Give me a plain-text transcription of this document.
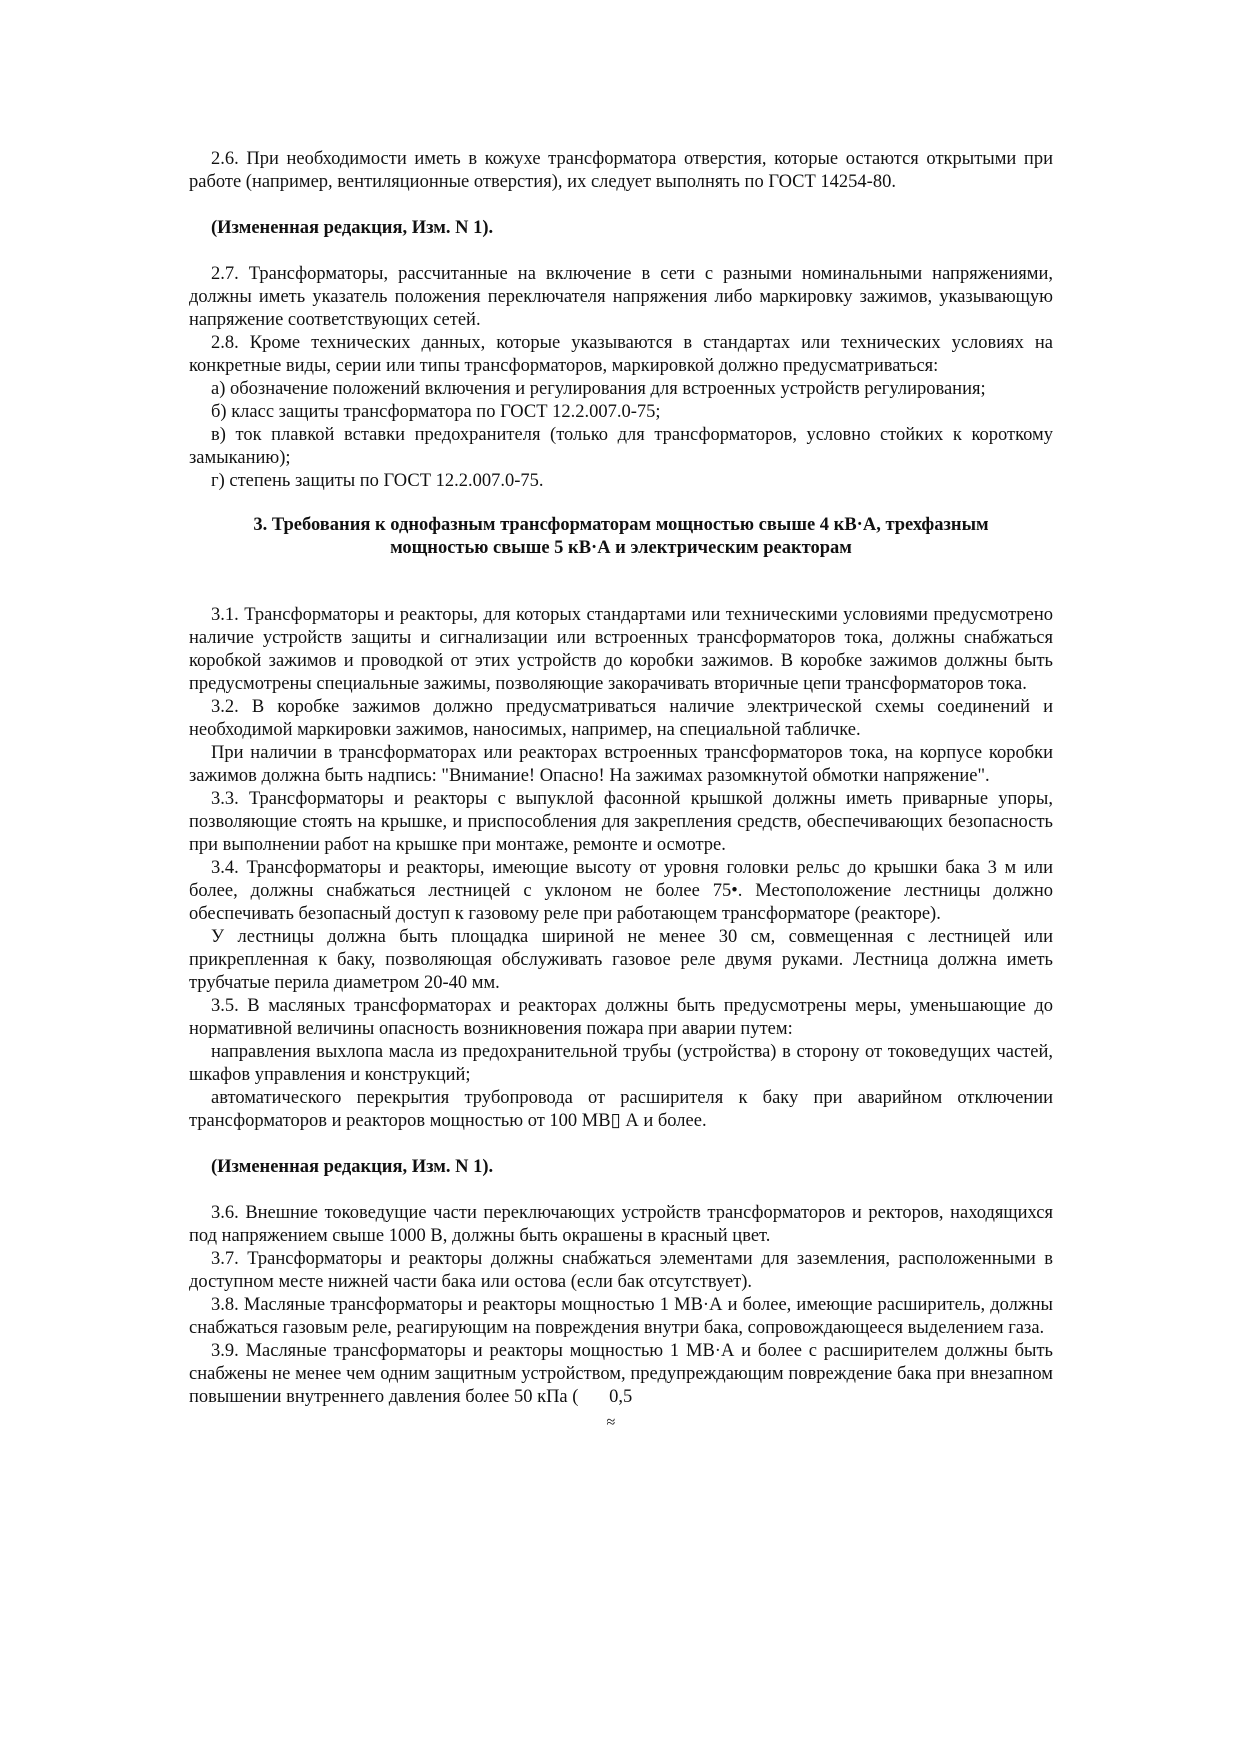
2.6. При необходимости иметь в кожухе трансформатора отверстия, которые остаются открытыми при работе (например, вентиляционные отверстия), их следует выполнять по ГОСТ 14254-80.

(Измененная редакция, Изм. N 1).

2.7. Трансформаторы, рассчитанные на включение в сети с разными номинальными напряжениями, должны иметь указатель положения переключателя напряжения либо маркировку зажимов, указывающую напряжение соответствующих сетей.

2.8. Кроме технических данных, которые указываются в стандартах или технических условиях на конкретные виды, серии или типы трансформаторов, маркировкой должно предусматриваться:

а) обозначение положений включения и регулирования для встроенных устройств регулирования;

б) класс защиты трансформатора по ГОСТ 12.2.007.0-75;

в) ток плавкой вставки предохранителя (только для трансформаторов, условно стойких к короткому замыканию);

г) степень защиты по ГОСТ 12.2.007.0-75.

3. Требования к однофазным трансформаторам мощностью свыше 4 кВ·А, трехфазным
мощностью свыше 5 кВ·А и электрическим реакторам

3.1. Трансформаторы и реакторы, для которых стандартами или техническими условиями предусмотрено наличие устройств защиты и сигнализации или встроенных трансформаторов тока, должны снабжаться коробкой зажимов и проводкой от этих устройств до коробки зажимов. В коробке зажимов должны быть предусмотрены специальные зажимы, позволяющие закорачивать вторичные цепи трансформаторов тока.

3.2. В коробке зажимов должно предусматриваться наличие электрической схемы соединений и необходимой маркировки зажимов, наносимых, например, на специальной табличке.

При наличии в трансформаторах или реакторах встроенных трансформаторов тока, на корпусе коробки зажимов должна быть надпись: "Внимание! Опасно! На зажимах разомкнутой обмотки напряжение".

3.3. Трансформаторы и реакторы с выпуклой фасонной крышкой должны иметь приварные упоры, позволяющие стоять на крышке, и приспособления для закрепления средств, обеспечивающих безопасность при выполнении работ на крышке при монтаже, ремонте и осмотре.

3.4. Трансформаторы и реакторы, имеющие высоту от уровня головки рельс до крышки бака 3 м или более, должны снабжаться лестницей с уклоном не более 75•. Местоположение лестницы должно обеспечивать безопасный доступ к газовому реле при работающем трансформаторе (реакторе).

У лестницы должна быть площадка шириной не менее 30 см, совмещенная с лестницей или прикрепленная к баку, позволяющая обслуживать газовое реле двумя руками. Лестница должна иметь трубчатые перила диаметром 20-40 мм.

3.5. В масляных трансформаторах и реакторах должны быть предусмотрены меры, уменьшающие до нормативной величины опасность возникновения пожара при аварии путем:

направления выхлопа масла из предохранительной трубы (устройства) в сторону от токоведущих частей, шкафов управления и конструкций;

автоматического перекрытия трубопровода от расширителя к баку при аварийном отключении трансформаторов и реакторов мощностью от 100 МВ▯ А и более.

(Измененная редакция, Изм. N 1).

3.6. Внешние токоведущие части переключающих устройств трансформаторов и ректоров, находящихся под напряжением свыше 1000 В, должны быть окрашены в красный цвет.

3.7. Трансформаторы и реакторы должны снабжаться элементами для заземления, расположенными в доступном месте нижней части бака или остова (если бак отсутствует).

3.8. Масляные трансформаторы и реакторы мощностью 1 МВ·А и более, имеющие расширитель, должны снабжаться газовым реле, реагирующим на повреждения внутри бака, сопровождающееся выделением газа.

3.9. Масляные трансформаторы и реакторы мощностью 1 МВ·А и более с расширителем должны быть снабжены не менее чем одним защитным устройством, предупреждающим повреждение бака при внезапном повышении внутреннего давления более 50 кПа (
≈
0,5
